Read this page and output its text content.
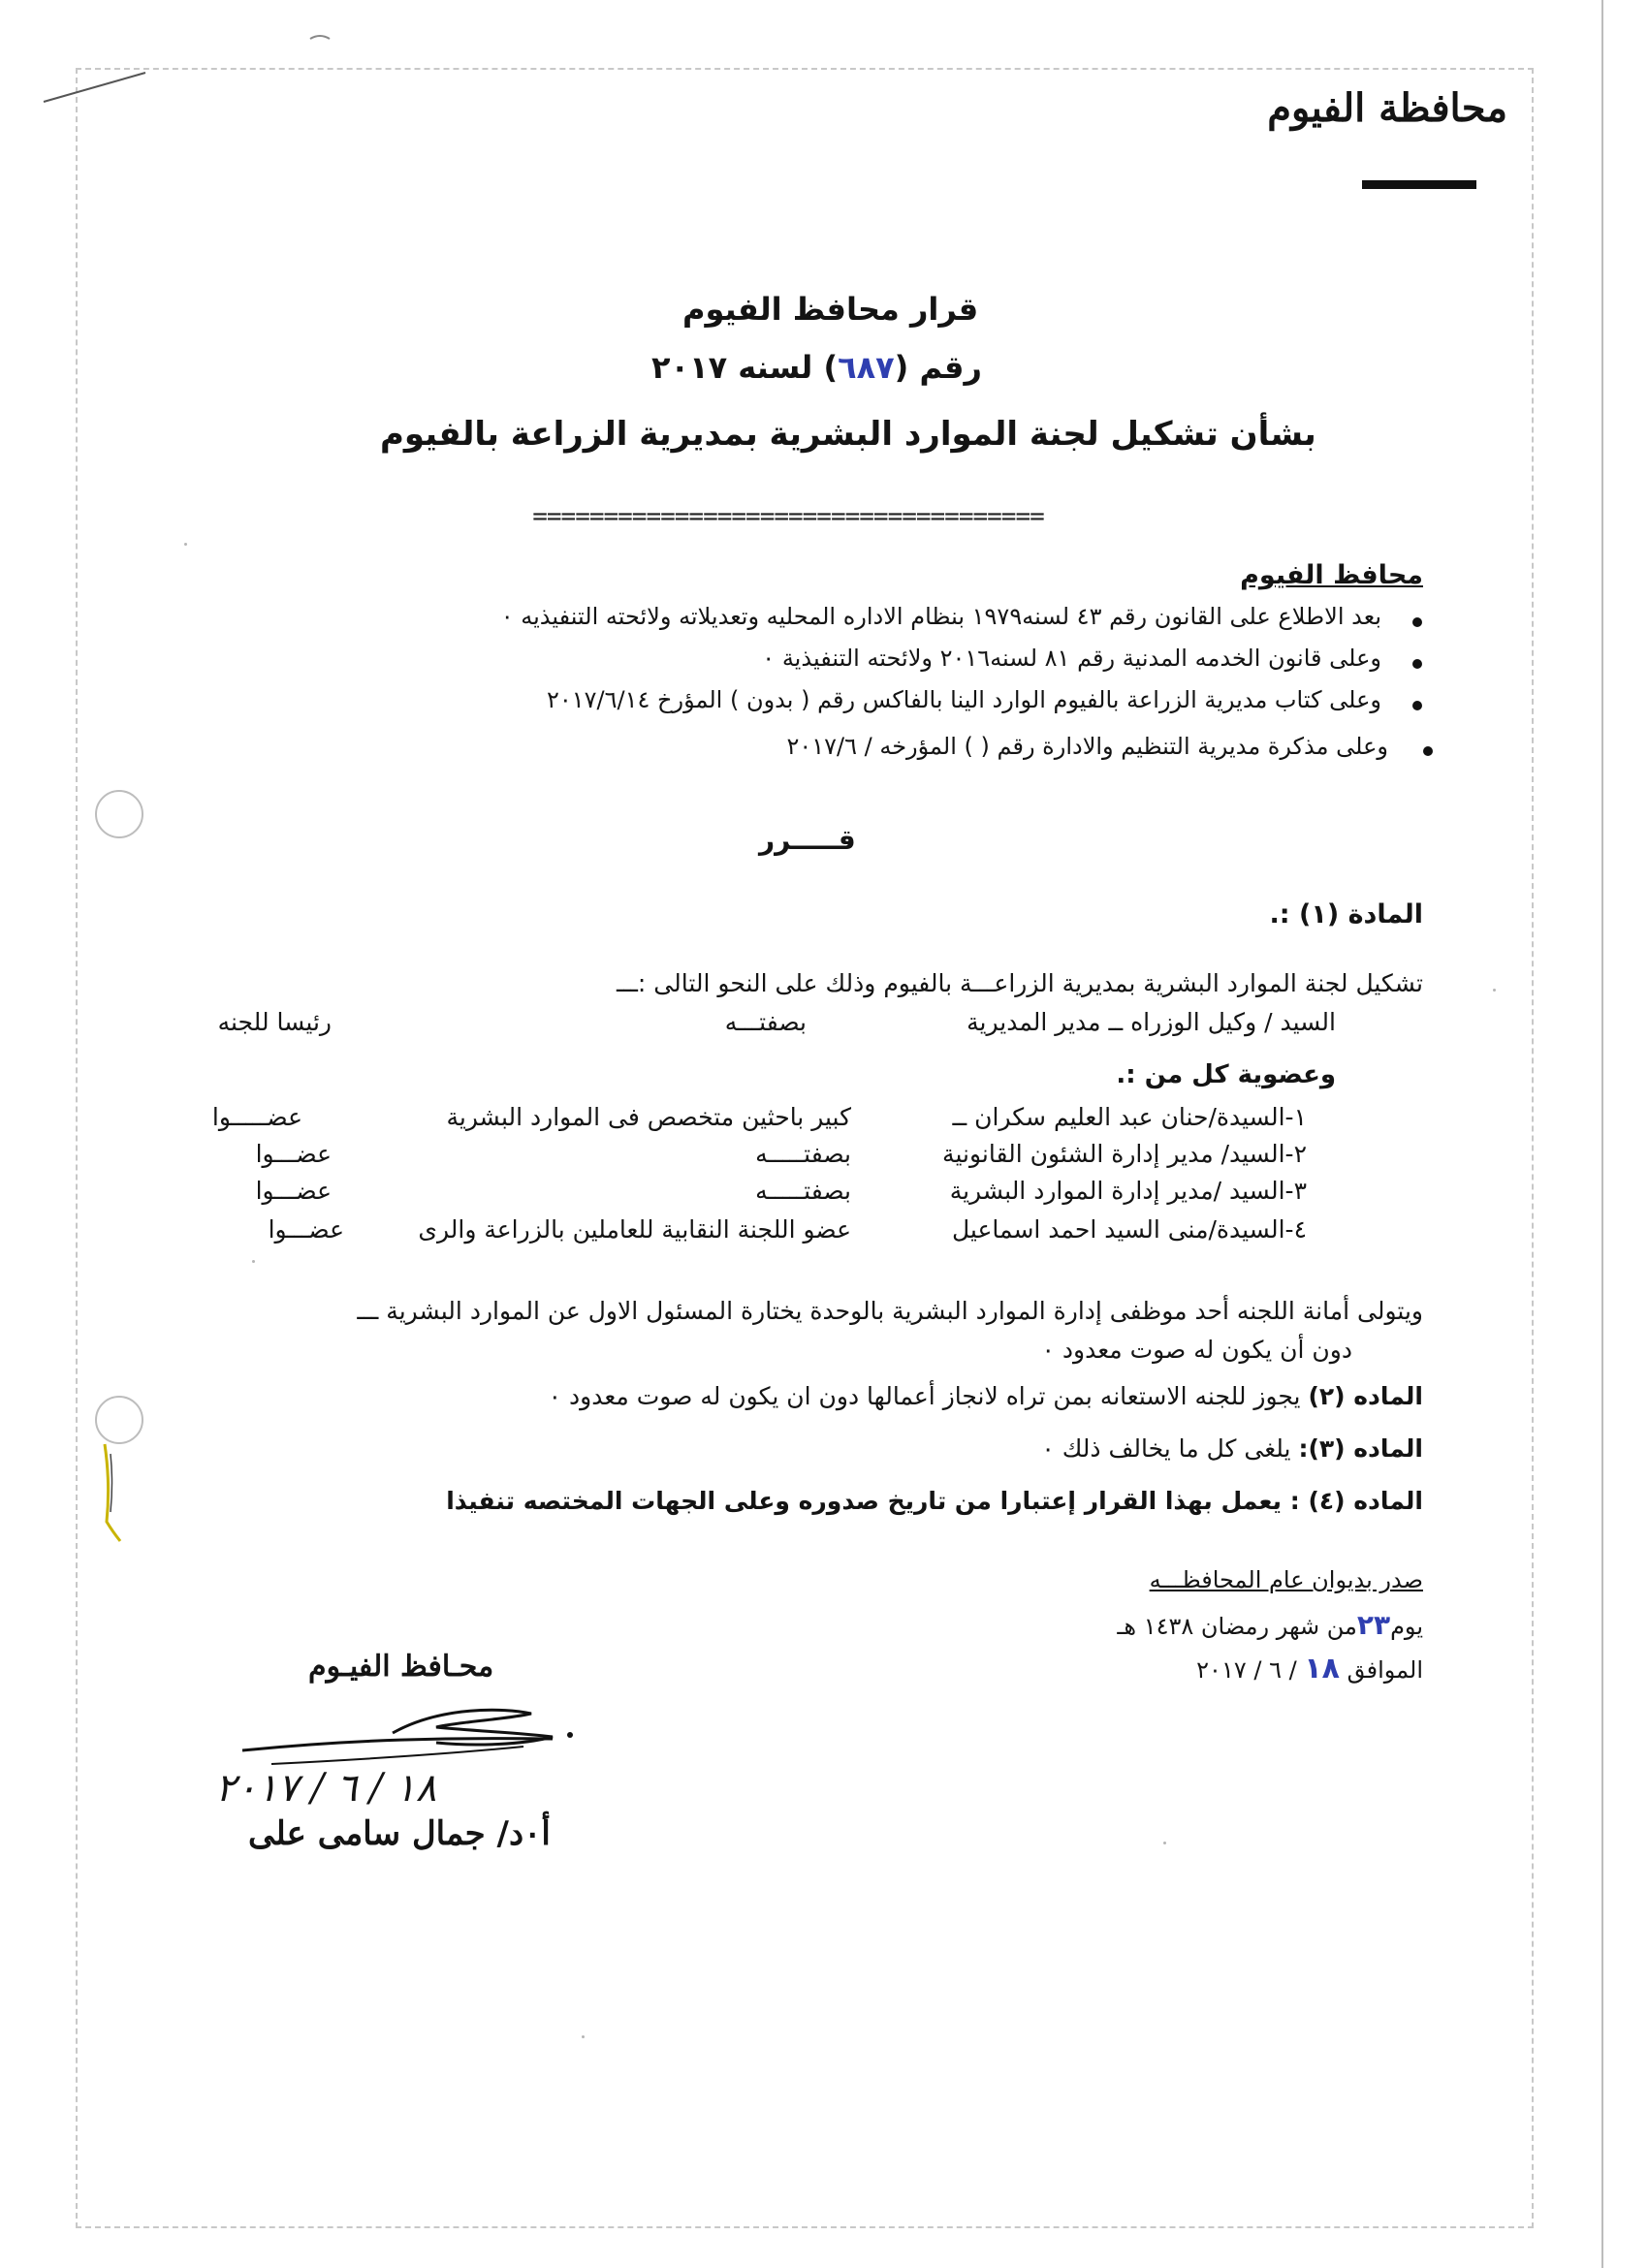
محافظة الفيوم
قرار محافظ الفيوم
رقم (٦٨٧) لسنه ٢٠١٧
بشأن تشكيل لجنة الموارد البشرية بمديرية الزراعة بالفيوم
====================================
محافظ الفيوم
بعد الاطلاع على القانون رقم ٤٣ لسنه١٩٧٩ بنظام الاداره المحليه وتعديلاته ولائحته التنفيذيه ٠
وعلى قانون الخدمه المدنية رقم ٨١ لسنه٢٠١٦ ولائحته التنفيذية ٠
وعلى كتاب مديرية الزراعة بالفيوم الوارد الينا بالفاكس رقم ( بدون ) المؤرخ ٢٠١٧/٦/١٤
وعلى مذكرة مديرية التنظيم والادارة رقم ( ) المؤرخه / ٢٠١٧/٦
قـــــرر
المادة (١) :.
تشكيل لجنة الموارد البشرية بمديرية الزراعـــة بالفيوم وذلك على النحو التالى :ـــ
السيد / وكيل الوزراه ــ مدير المديرية
بصفتـــه
رئيسا للجنه
وعضوية كل من :.
١-السيدة/حنان عبد العليم سكران ــ
كبير باحثين متخصص فى الموارد البشرية
عضـــــوا
٢-السيد/ مدير إدارة الشئون القانونية
بصفتـــــه
عضـــوا
٣-السيد /مدير إدارة الموارد البشرية
بصفتـــــه
عضـــوا
٤-السيدة/منى السيد احمد اسماعيل
عضو اللجنة النقابية للعاملين بالزراعة والرى
عضـــوا
ويتولى أمانة اللجنه أحد موظفى إدارة الموارد البشرية بالوحدة يختارة المسئول الاول عن الموارد البشرية ـــ
دون أن يكون له صوت معدود ٠
الماده (٢) يجوز للجنه الاستعانه بمن تراه لانجاز أعمالها دون ان يكون له صوت معدود ٠
الماده (٣): يلغى كل ما يخالف ذلك ٠
الماده (٤) : يعمل بهذا القرار إعتبارا من تاريخ صدوره وعلى الجهات المختصه تنفيذا
صدر بديوان عام المحافظـــه
يوم٢٣من شهر رمضان ١٤٣٨ هـ
الموافق ١٨ / ٦ / ٢٠١٧
محـافظ الفيـوم
١٨ / ٦ / ٢٠١٧
أ٠د/ جمال سامى على
